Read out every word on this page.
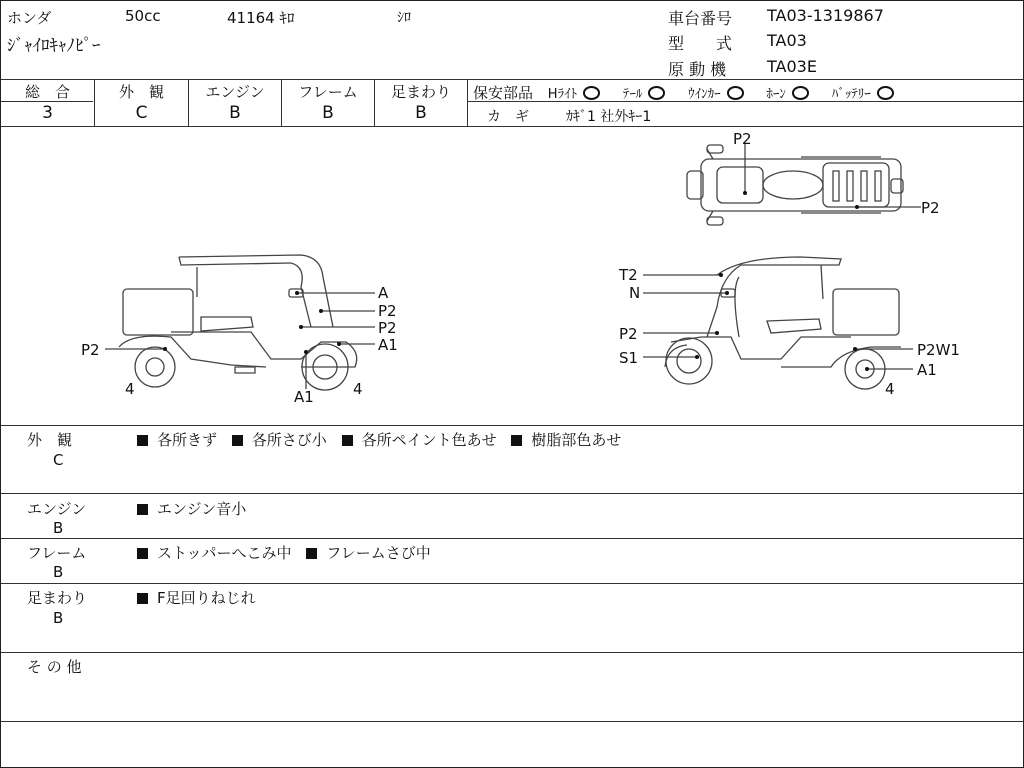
ホンダ	50cc	41164 ｷﾛ	ｼﾛ
ｼﾞｬｲﾛｷｬﾉﾋﾟｰ
車台番号 TA03-1319867
型　　式 TA03
原 動 機	TA03E
総　合
3
外　観
C
エンジン
B
フレーム
B
足まわり
B
保安部品 Hﾗｲﾄ	ﾃｰﾙ	ｳｲﾝｶｰ	ﾎｰﾝ	ﾊﾞｯﾃﾘｰ
カ　ギ	ｶｷﾞ1 社外ｷｰ1
P2
P2
A
P2
P2
A1
P2
A1
4	4
T2
N
P2
S1	P2W1
A1
4
外　観
C
各所きず 各所さび小 各所ペイント色あせ 樹脂部色あせ
エンジン
B
エンジン音小
フレーム
B
ストッパーへこみ中 フレームさび中
足まわり
B
F足回りねじれ
そ の 他
